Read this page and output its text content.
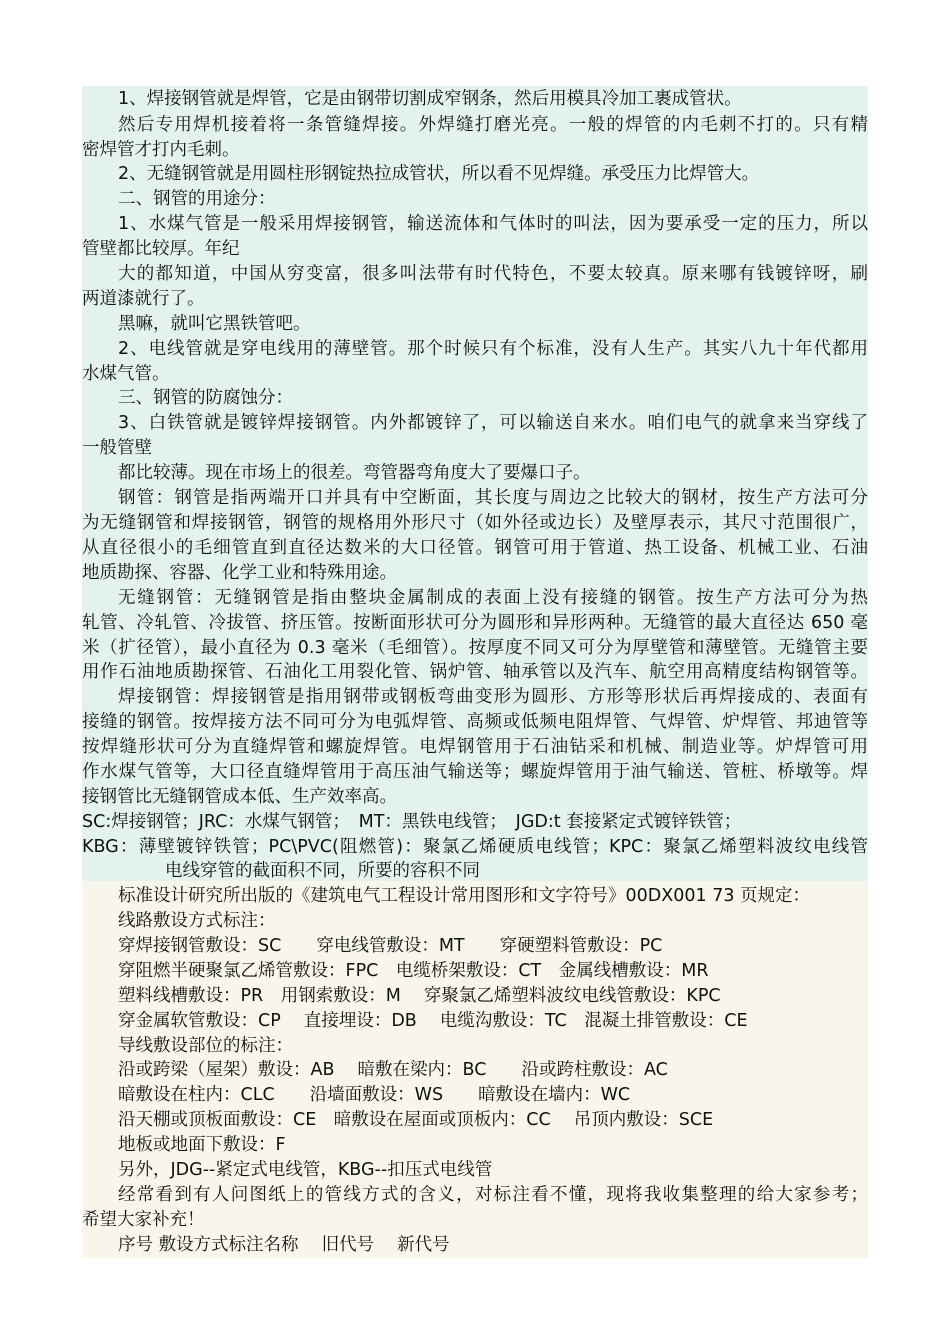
1、焊接钢管就是焊管，它是由钢带切割成窄钢条，然后用模具冷加工裹成管状。
然后专用焊机接着将一条管缝焊接。外焊缝打磨光亮。一般的焊管的内毛刺不打的。只有精
密焊管才打内毛刺。
2、无缝钢管就是用圆柱形钢锭热拉成管状，所以看不见焊缝。承受压力比焊管大。
二、钢管的用途分：
1、水煤气管是一般采用焊接钢管，输送流体和气体时的叫法，因为要承受一定的压力，所以
管壁都比较厚。年纪
大的都知道，中国从穷变富，很多叫法带有时代特色，不要太较真。原来哪有钱镀锌呀，刷
两道漆就行了。
黑嘛，就叫它黑铁管吧。
2、电线管就是穿电线用的薄壁管。那个时候只有个标准，没有人生产。其实八九十年代都用
水煤气管。
三、钢管的防腐蚀分：
3、白铁管就是镀锌焊接钢管。内外都镀锌了，可以输送自来水。咱们电气的就拿来当穿线了
一般管壁
都比较薄。现在市场上的很差。弯管器弯角度大了要爆口子。
钢管：钢管是指两端开口并具有中空断面，其长度与周边之比较大的钢材，按生产方法可分
为无缝钢管和焊接钢管，钢管的规格用外形尺寸（如外径或边长）及壁厚表示，其尺寸范围很广，
从直径很小的毛细管直到直径达数米的大口径管。钢管可用于管道、热工设备、机械工业、石油
地质勘探、容器、化学工业和特殊用途。
无缝钢管：无缝钢管是指由整块金属制成的表面上没有接缝的钢管。按生产方法可分为热
轧管、冷轧管、冷拔管、挤压管。按断面形状可分为圆形和异形两种。无缝管的最大直径达 650 毫
米（扩径管），最小直径为 0.3 毫米（毛细管）。按厚度不同又可分为厚壁管和薄壁管。无缝管主要
用作石油地质勘探管、石油化工用裂化管、锅炉管、轴承管以及汽车、航空用高精度结构钢管等。
焊接钢管：焊接钢管是指用钢带或钢板弯曲变形为圆形、方形等形状后再焊接成的、表面有
接缝的钢管。按焊接方法不同可分为电弧焊管、高频或低频电阻焊管、气焊管、炉焊管、邦迪管等
按焊缝形状可分为直缝焊管和螺旋焊管。电焊钢管用于石油钻采和机械、制造业等。炉焊管可用
作水煤气管等，大口径直缝焊管用于高压油气输送等；螺旋焊管用于油气输送、管桩、桥墩等。焊
接钢管比无缝钢管成本低、生产效率高。
SC:焊接钢管；JRC：水煤气钢管；　MT：黑铁电线管；　JGD:t 套接紧定式镀锌铁管；
KBG：薄壁镀锌铁管；PC\PVC(阻燃管)：聚氯乙烯硬质电线管；KPC：聚氯乙烯塑料波纹电线管
电线穿管的截面积不同，所要的容积不同
标准设计研究所出版的《建筑电气工程设计常用图形和文字符号》00DX001 73 页规定：
线路敷设方式标注：
穿焊接钢管敷设：SC　　穿电线管敷设：MT　　穿硬塑料管敷设：PC
穿阻燃半硬聚氯乙烯管敷设：FPC　电缆桥架敷设：CT　金属线槽敷设：MR
塑料线槽敷设：PR　用钢索敷设：M　 穿聚氯乙烯塑料波纹电线管敷设：KPC
穿金属软管敷设：CP　 直接埋设：DB　 电缆沟敷设：TC　混凝土排管敷设：CE
导线敷设部位的标注：
沿或跨梁（屋架）敷设：AB　 暗敷在梁内：BC　　沿或跨柱敷设：AC
暗敷设在柱内：CLC　　沿墙面敷设：WS　　暗敷设在墙内：WC
沿天棚或顶板面敷设：CE　暗敷设在屋面或顶板内：CC　 吊顶内敷设：SCE
地板或地面下敷设：F
另外，JDG--紧定式电线管，KBG--扣压式电线管
经常看到有人问图纸上的管线方式的含义，对标注看不懂，现将我收集整理的给大家参考；
希望大家补充！
序号 敷设方式标注名称　 旧代号　 新代号
